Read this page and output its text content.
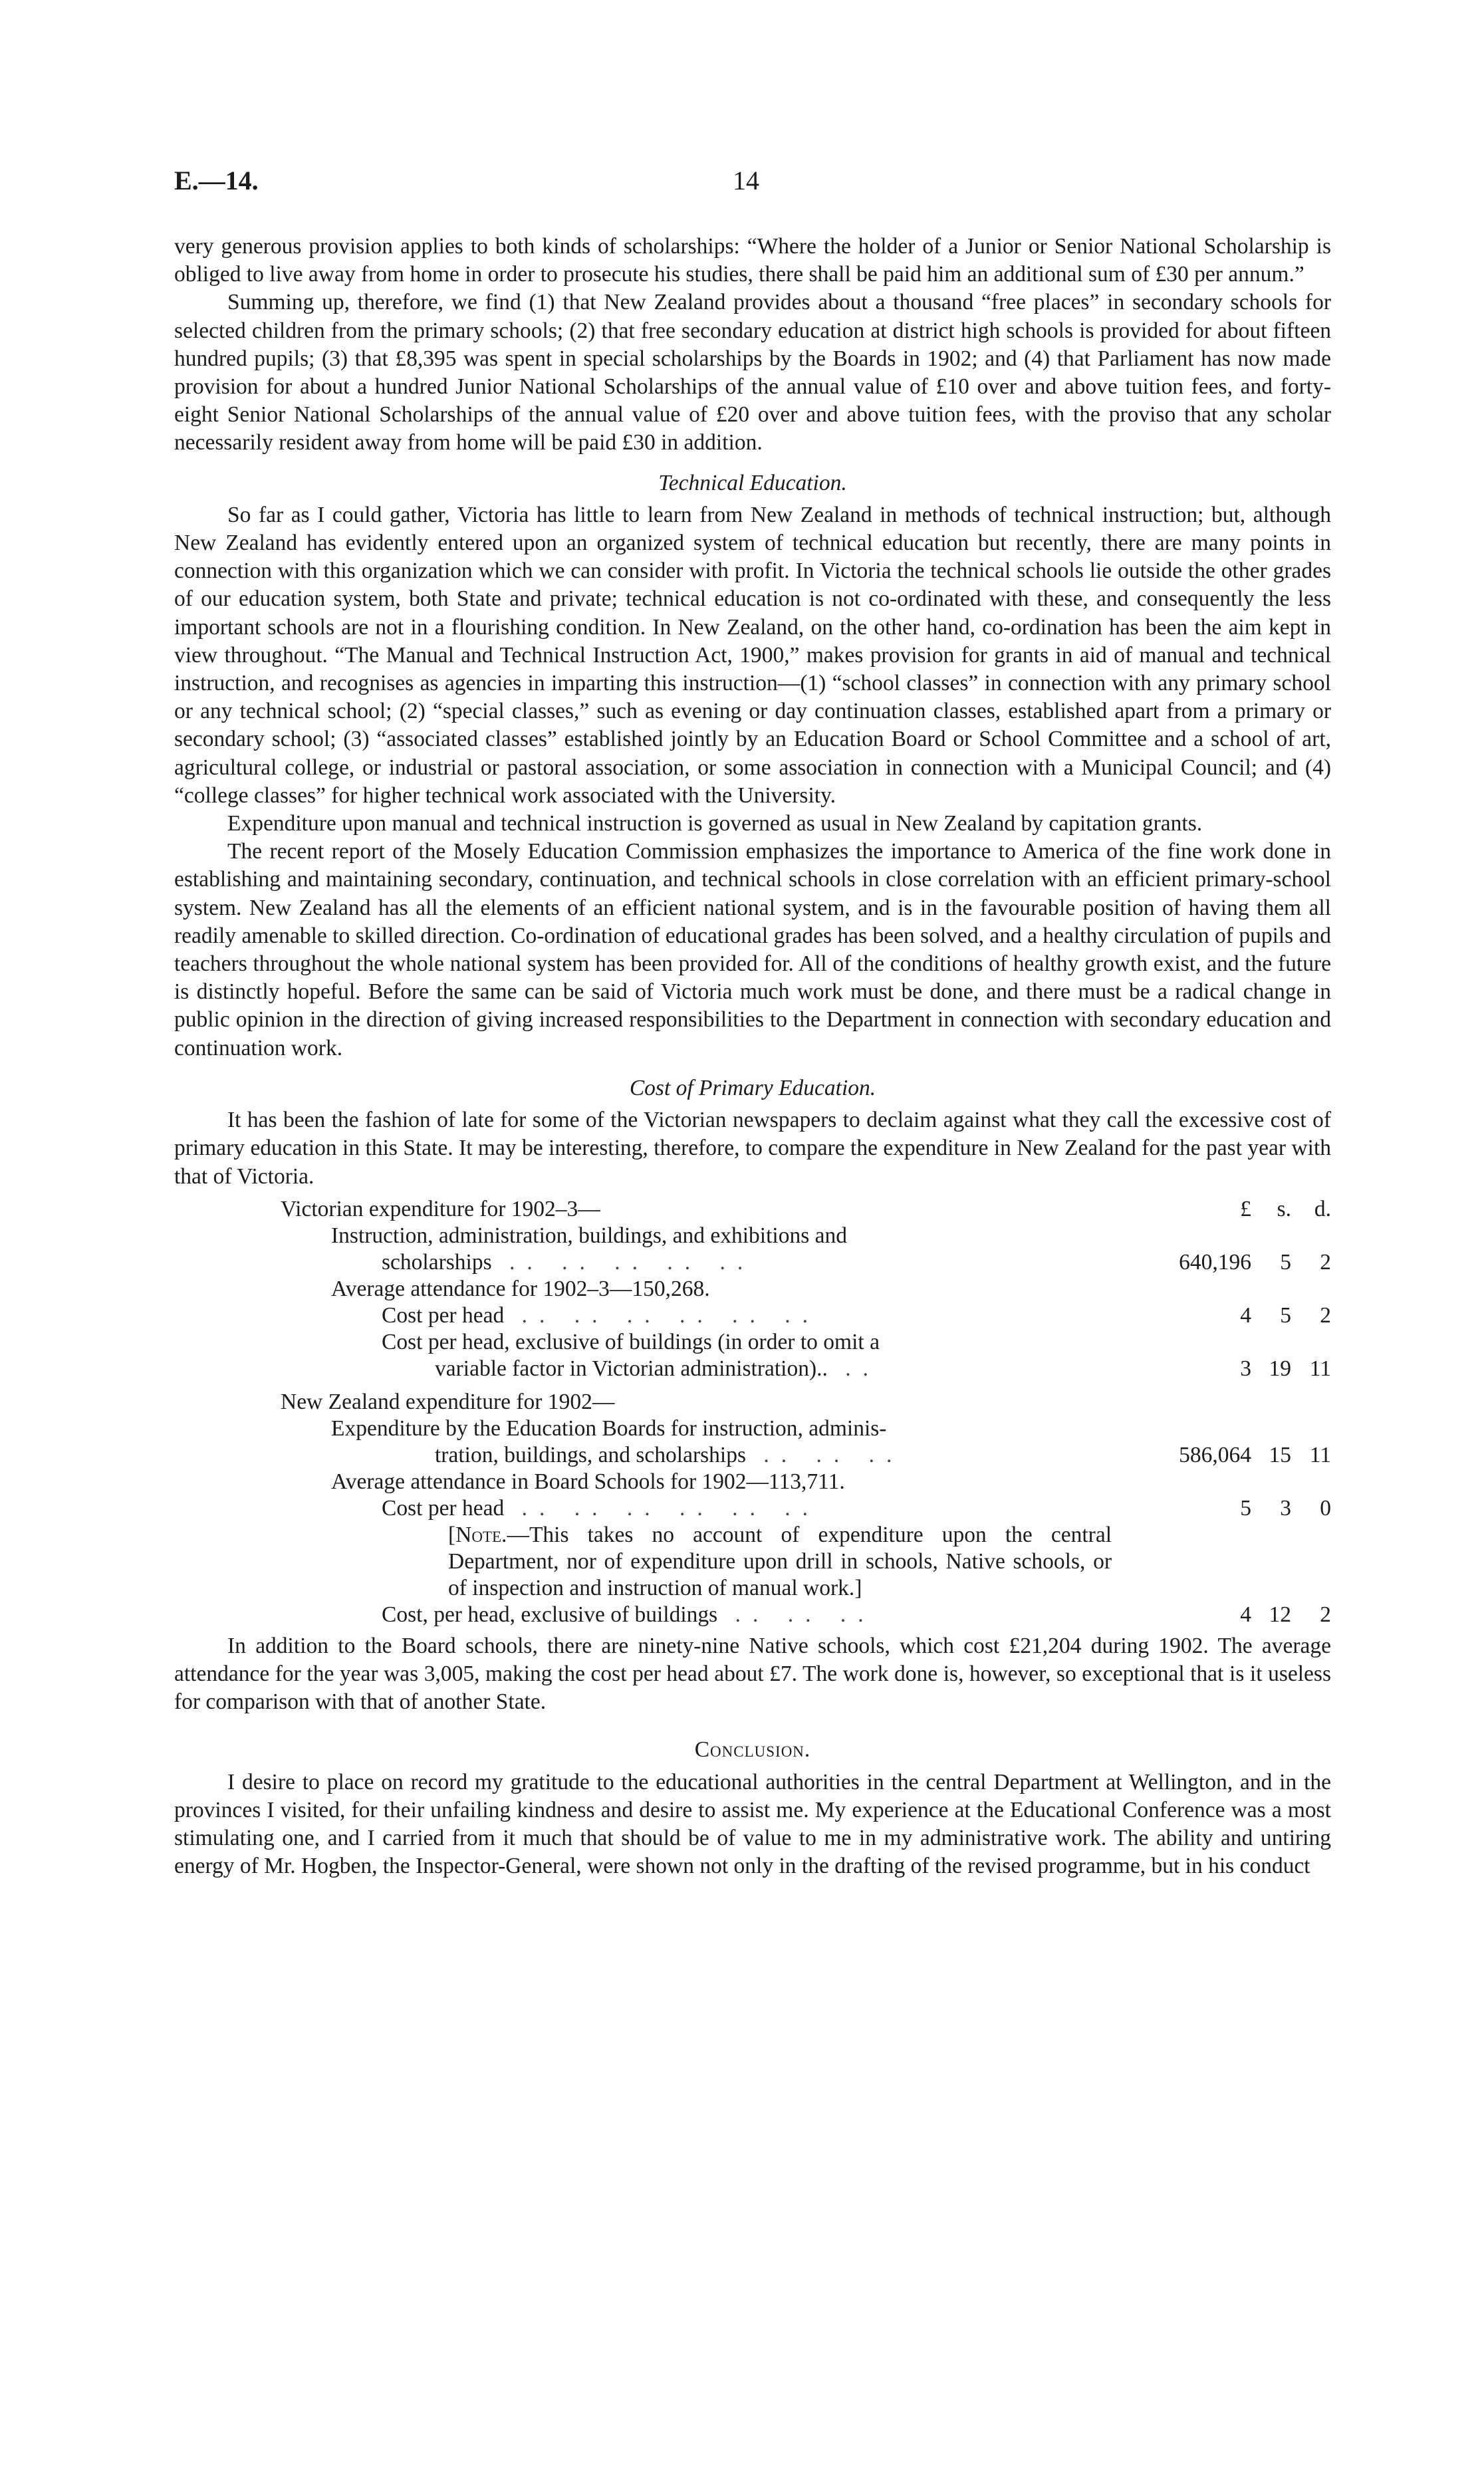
E.—14.	14

very generous provision applies to both kinds of scholarships: “Where the holder of a Junior or Senior National Scholarship is obliged to live away from home in order to prosecute his studies, there shall be paid him an additional sum of £30 per annum.”

Summing up, therefore, we find (1) that New Zealand provides about a thousand “free places” in secondary schools for selected children from the primary schools; (2) that free secondary education at district high schools is provided for about fifteen hundred pupils; (3) that £8,395 was spent in special scholarships by the Boards in 1902; and (4) that Parliament has now made provision for about a hundred Junior National Scholarships of the annual value of £10 over and above tuition fees, and forty-eight Senior National Scholarships of the annual value of £20 over and above tuition fees, with the proviso that any scholar necessarily resident away from home will be paid £30 in addition.

Technical Education.

So far as I could gather, Victoria has little to learn from New Zealand in methods of technical instruction; but, although New Zealand has evidently entered upon an organized system of technical education but recently, there are many points in connection with this organization which we can consider with profit. In Victoria the technical schools lie outside the other grades of our education system, both State and private; technical education is not co-ordinated with these, and consequently the less important schools are not in a flourishing condition. In New Zealand, on the other hand, co-ordination has been the aim kept in view throughout. “The Manual and Technical Instruction Act, 1900,” makes provision for grants in aid of manual and technical instruction, and recognises as agencies in imparting this instruction—(1) “school classes” in connection with any primary school or any technical school; (2) “special classes,” such as evening or day continuation classes, established apart from a primary or secondary school; (3) “associated classes” established jointly by an Education Board or School Committee and a school of art, agricultural college, or industrial or pastoral association, or some association in connection with a Municipal Council; and (4) “college classes” for higher technical work associated with the University.

Expenditure upon manual and technical instruction is governed as usual in New Zealand by capitation grants.

The recent report of the Mosely Education Commission emphasizes the importance to America of the fine work done in establishing and maintaining secondary, continuation, and technical schools in close correlation with an efficient primary-school system. New Zealand has all the elements of an efficient national system, and is in the favourable position of having them all readily amenable to skilled direction. Co-ordination of educational grades has been solved, and a healthy circulation of pupils and teachers throughout the whole national system has been provided for. All of the conditions of healthy growth exist, and the future is distinctly hopeful. Before the same can be said of Victoria much work must be done, and there must be a radical change in public opinion in the direction of giving increased responsibilities to the Department in connection with secondary education and continuation work.

Cost of Primary Education.

It has been the fashion of late for some of the Victorian newspapers to declaim against what they call the excessive cost of primary education in this State. It may be interesting, therefore, to compare the expenditure in New Zealand for the past year with that of Victoria.

Victorian expenditure for 1902–3—	£	s.	d.
Instruction, administration, buildings, and exhibitions and
scholarships .. .. .. .. ..	640,196	5	2
Average attendance for 1902–3—150,268.
Cost per head .. .. .. .. .. ..	4	5	2
Cost per head, exclusive of buildings (in order to omit a
variable factor in Victorian administration).. ..	3 19 11
New Zealand expenditure for 1902—
Expenditure by the Education Boards for instruction, adminis-
tration, buildings, and scholarships .. .. ..	586,064 15 11
Average attendance in Board Schools for 1902—113,711.
Cost per head .. .. .. .. .. ..	5	3	0
[Note.—This takes no account of expenditure upon the central Department, nor of expenditure upon drill in schools, Native schools, or of inspection and instruction of manual work.]
Cost, per head, exclusive of buildings .. .. ..	4 12	2

In addition to the Board schools, there are ninety-nine Native schools, which cost £21,204 during 1902. The average attendance for the year was 3,005, making the cost per head about £7. The work done is, however, so exceptional that is it useless for comparison with that of another State.

Conclusion.

I desire to place on record my gratitude to the educational authorities in the central Department at Wellington, and in the provinces I visited, for their unfailing kindness and desire to assist me. My experience at the Educational Conference was a most stimulating one, and I carried from it much that should be of value to me in my administrative work. The ability and untiring energy of Mr. Hogben, the Inspector-General, were shown not only in the drafting of the revised programme, but in his conduct
